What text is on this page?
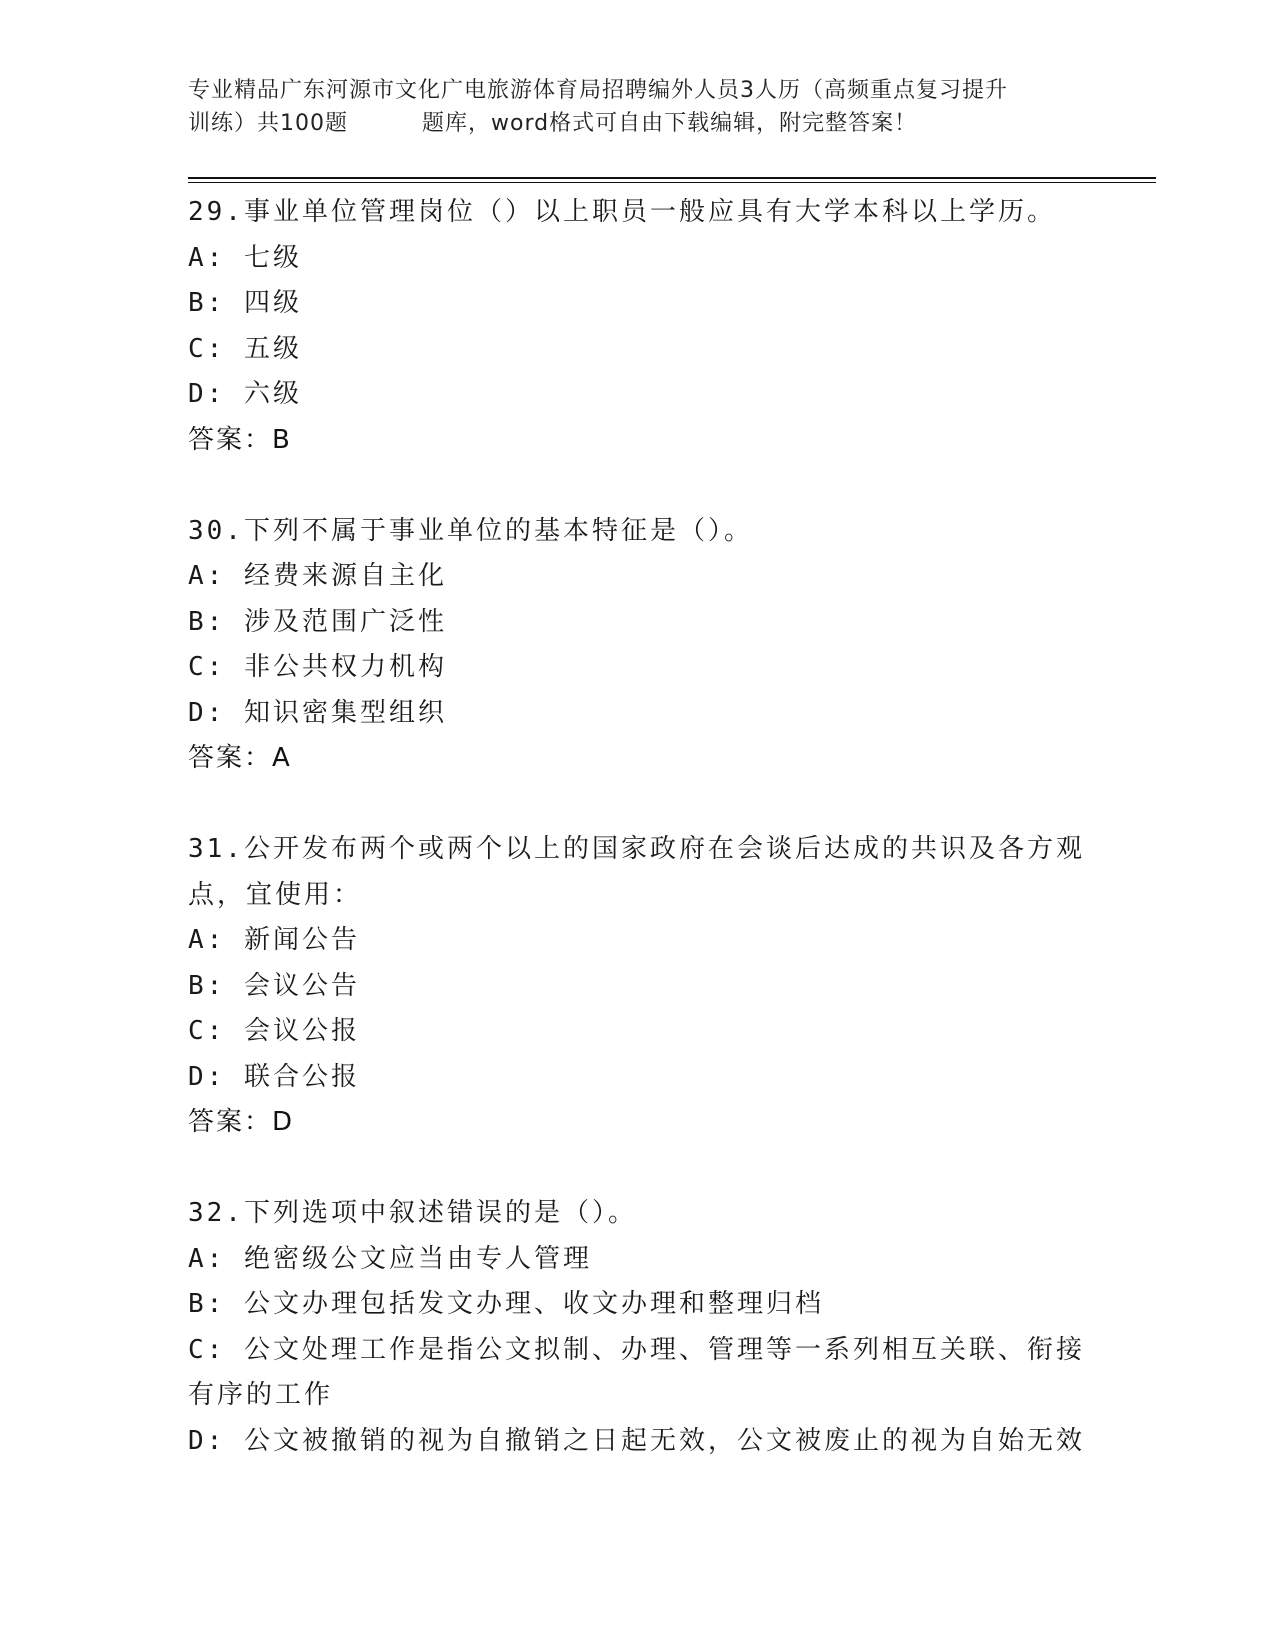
专业精品广东河源市文化广电旅游体育局招聘编外人员3人历（高频重点复习提升
训练）共100题	题库，word格式可自由下载编辑，附完整答案！
29.事业单位管理岗位（）以上职员一般应具有大学本科以上学历。
A: 七级
B: 四级
C: 五级
D: 六级
答案：B
30.下列不属于事业单位的基本特征是（）。
A: 经费来源自主化
B: 涉及范围广泛性
C: 非公共权力机构
D: 知识密集型组织
答案：A
31.公开发布两个或两个以上的国家政府在会谈后达成的共识及各方观
点，宜使用：
A: 新闻公告
B: 会议公告
C: 会议公报
D: 联合公报
答案：D
32.下列选项中叙述错误的是（）。
A: 绝密级公文应当由专人管理
B: 公文办理包括发文办理、收文办理和整理归档
C: 公文处理工作是指公文拟制、办理、管理等一系列相互关联、衔接
有序的工作
D: 公文被撤销的视为自撤销之日起无效，公文被废止的视为自始无效
